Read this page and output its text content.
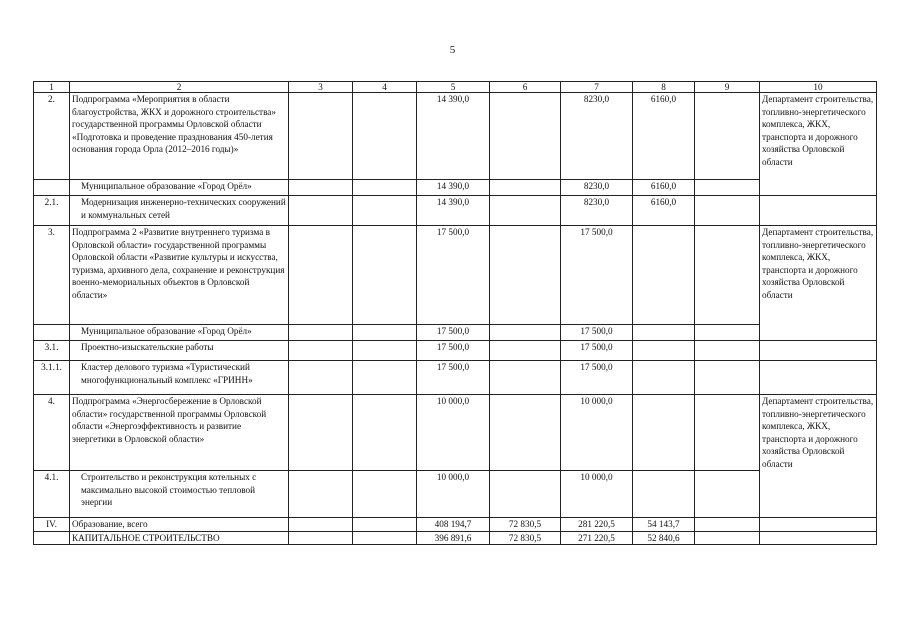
5
1	2	3	4	5	6	7	8	9	10
2.	Подпрограмма «Мероприятия в области благоустройства, ЖКХ и дорожного строительства» государственной программы Орловской области «Подготовка и проведение празднования 450-летия основания города Орла (2012–2016 годы)»			14 390,0		8230,0	6160,0		Департамент строительства, топливно-энергетического комплекса, ЖКХ, транспорта и дорожного хозяйства Орловской области
	Муниципальное образование «Город Орёл»			14 390,0		8230,0	6160,0		
2.1.	Модернизация инженерно-технических сооружений и коммунальных сетей			14 390,0		8230,0	6160,0		
3.	Подпрограмма 2 «Развитие внутреннего туризма в Орловской области» государственной программы Орловской области «Развитие культуры и искусства, туризма, архивного дела, сохранение и реконструкция военно-мемориальных объектов в Орловской области»			17 500,0		17 500,0			Департамент строительства, топливно-энергетического комплекса, ЖКХ, транспорта и дорожного хозяйства Орловской области
	Муниципальное образование «Город Орёл»			17 500,0		17 500,0			
3.1.	Проектно-изыскательские работы			17 500,0		17 500,0			
3.1.1.	Кластер делового туризма «Туристический многофункциональный комплекс «ГРИНН»			17 500,0		17 500,0			
4.	Подпрограмма «Энергосбережение в Орловской области» государственной программы Орловской области «Энергоэффективность и развитие энергетики в Орловской области»			10 000,0		10 000,0			Департамент строительства, топливно-энергетического комплекса, ЖКХ, транспорта и дорожного хозяйства Орловской области
4.1.	Строительство и реконструкция котельных с максимально высокой стоимостью тепловой энергии			10 000,0		10 000,0			
IV.	Образование, всего			408 194,7	72 830,5	281 220,5	54 143,7		
	КАПИТАЛЬНОЕ СТРОИТЕЛЬСТВО			396 891,6	72 830,5	271 220,5	52 840,6		
